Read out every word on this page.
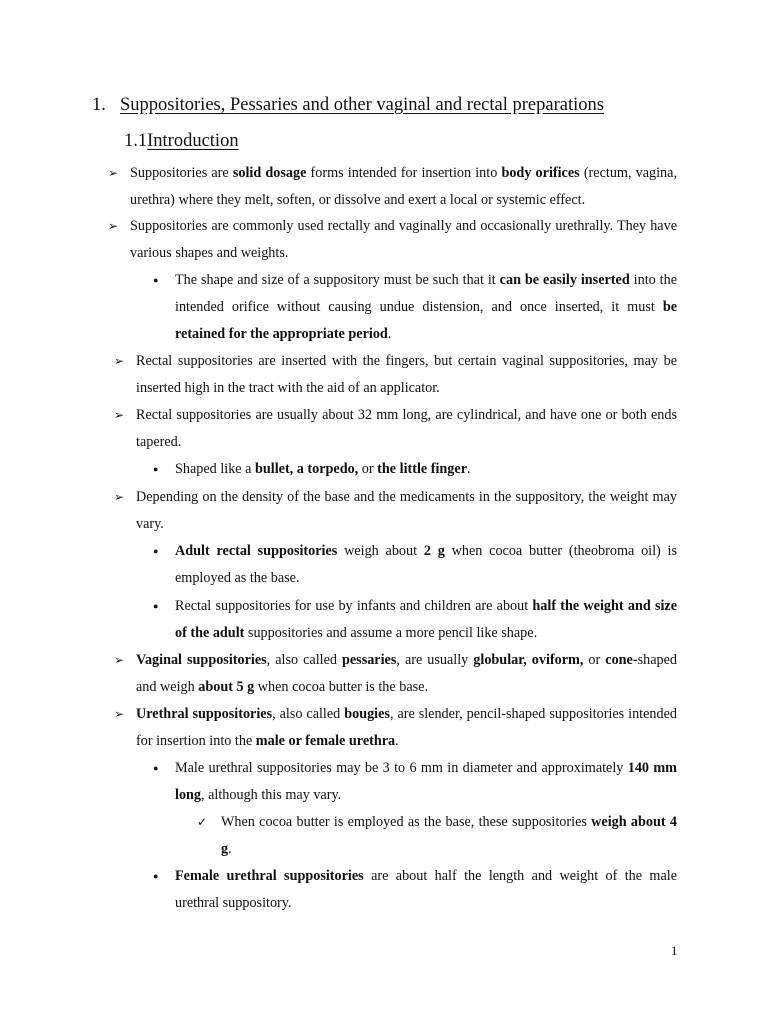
1. Suppositories, Pessaries and other vaginal and rectal preparations
1.1Introduction
➢ Suppositories are solid dosage forms intended for insertion into body orifices (rectum, vagina, urethra) where they melt, soften, or dissolve and exert a local or systemic effect.
➢ Suppositories are commonly used rectally and vaginally and occasionally urethrally. They have various shapes and weights.
● The shape and size of a suppository must be such that it can be easily inserted into the intended orifice without causing undue distension, and once inserted, it must be retained for the appropriate period.
➢ Rectal suppositories are inserted with the fingers, but certain vaginal suppositories, may be inserted high in the tract with the aid of an applicator.
➢ Rectal suppositories are usually about 32 mm long, are cylindrical, and have one or both ends tapered.
● Shaped like a bullet, a torpedo, or the little finger.
➢ Depending on the density of the base and the medicaments in the suppository, the weight may vary.
● Adult rectal suppositories weigh about 2 g when cocoa butter (theobroma oil) is employed as the base.
● Rectal suppositories for use by infants and children are about half the weight and size of the adult suppositories and assume a more pencil like shape.
➢ Vaginal suppositories, also called pessaries, are usually globular, oviform, or cone-shaped and weigh about 5 g when cocoa butter is the base.
➢ Urethral suppositories, also called bougies, are slender, pencil-shaped suppositories intended for insertion into the male or female urethra.
● Male urethral suppositories may be 3 to 6 mm in diameter and approximately 140 mm long, although this may vary.
✓ When cocoa butter is employed as the base, these suppositories weigh about 4 g.
● Female urethral suppositories are about half the length and weight of the male urethral suppository.
1
